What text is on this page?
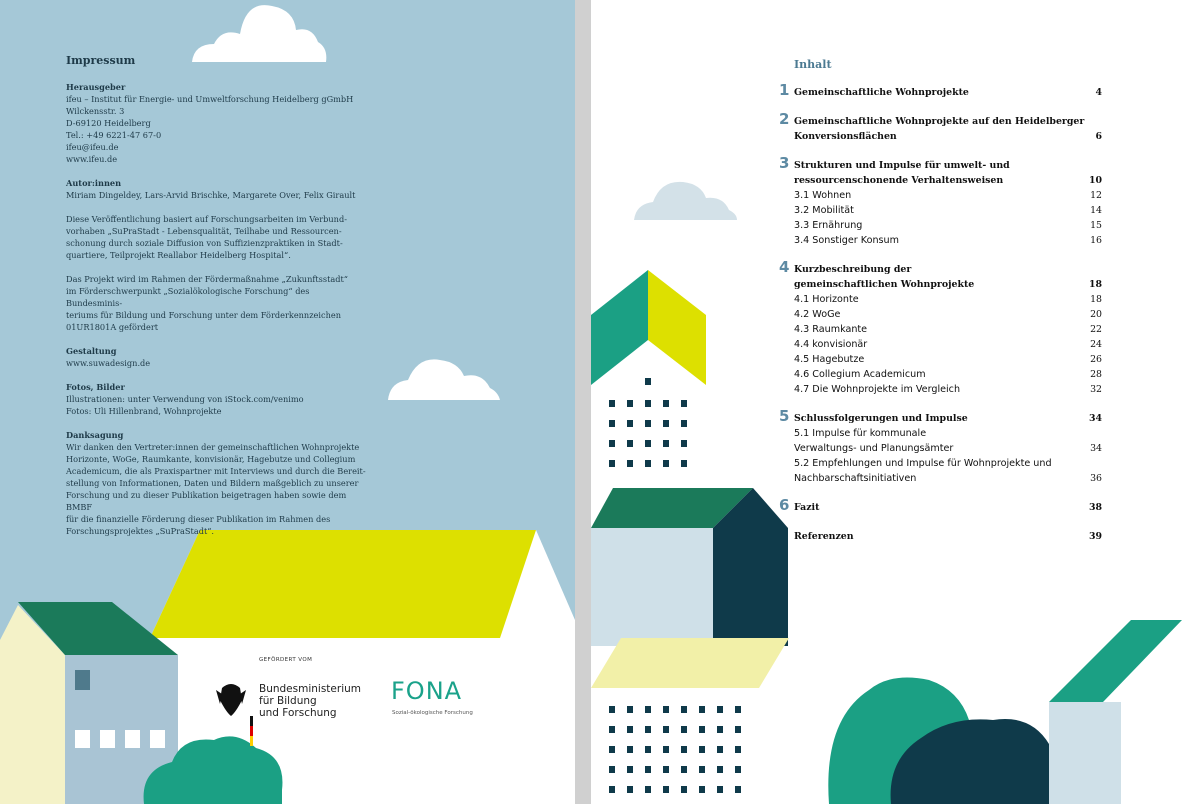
Impressum
Herausgeber
ifeu – Institut für Energie- und Umweltforschung Heidelberg gGmbH
Wilckensstr. 3
D-69120 Heidelberg
Tel.: +49 6221-47 67-0
ifeu@ifeu.de
www.ifeu.de
Autor:innen
Miriam Dingeldey, Lars-Arvid Brischke, Margarete Over, Felix Girault
Diese Veröffentlichung basiert auf Forschungsarbeiten im Verbund-
vorhaben „SuPraStadt - Lebensqualität, Teilhabe und Ressourcen-
schonung durch soziale Diffusion von Suffizienzpraktiken in Stadt-
quartiere, Teilprojekt Reallabor Heidelberg Hospital“.
Das Projekt wird im Rahmen der Fördermaßnahme „Zukunftsstadt“
im Förderschwerpunkt „Sozialökologische Forschung“ des Bundesminis-
teriums für Bildung und Forschung unter dem Förderkennzeichen
01UR1801A gefördert
Gestaltung
www.suwadesign.de
Fotos, Bilder
Illustrationen: unter Verwendung von iStock.com/venimo
Fotos: Uli Hillenbrand, Wohnprojekte
Danksagung
Wir danken den Vertreter:innen der gemeinschaftlichen Wohnprojekte
Horizonte, WoGe, Raumkante, konvisionär, Hagebutze und Collegium
Academicum, die als Praxispartner mit Interviews und durch die Bereit-
stellung von Informationen, Daten und Bildern maßgeblich zu unserer
Forschung und zu dieser Publikation beigetragen haben sowie dem BMBF
für die finanzielle Förderung dieser Publikation im Rahmen des
Forschungsprojektes „SuPraStadt“.
GEFÖRDERT VOM
Bundesministerium
für Bildung
und Forschung
FONA
Sozial-ökologische Forschung
Inhalt
1 Gemeinschaftliche Wohnprojekte	4
2 Gemeinschaftliche Wohnprojekte auf den Heidelberger
Konversionsflächen	6
3 Strukturen und Impulse für umwelt- und
ressourcenschonende Verhaltensweisen	10
3.1 Wohnen	12
3.2 Mobilität	14
3.3 Ernährung	15
3.4 Sonstiger Konsum	16
4 Kurzbeschreibung der
gemeinschaftlichen Wohnprojekte	18
4.1 Horizonte	18
4.2 WoGe	20
4.3 Raumkante	22
4.4 konvisionär	24
4.5 Hagebutze	26
4.6 Collegium Academicum	28
4.7 Die Wohnprojekte im Vergleich	32
5 Schlussfolgerungen und Impulse	34
5.1 Impulse für kommunale
Verwaltungs- und Planungsämter	34
5.2 Empfehlungen und Impulse für Wohnprojekte und
Nachbarschaftsinitiativen	36
6 Fazit	38
Referenzen	39
